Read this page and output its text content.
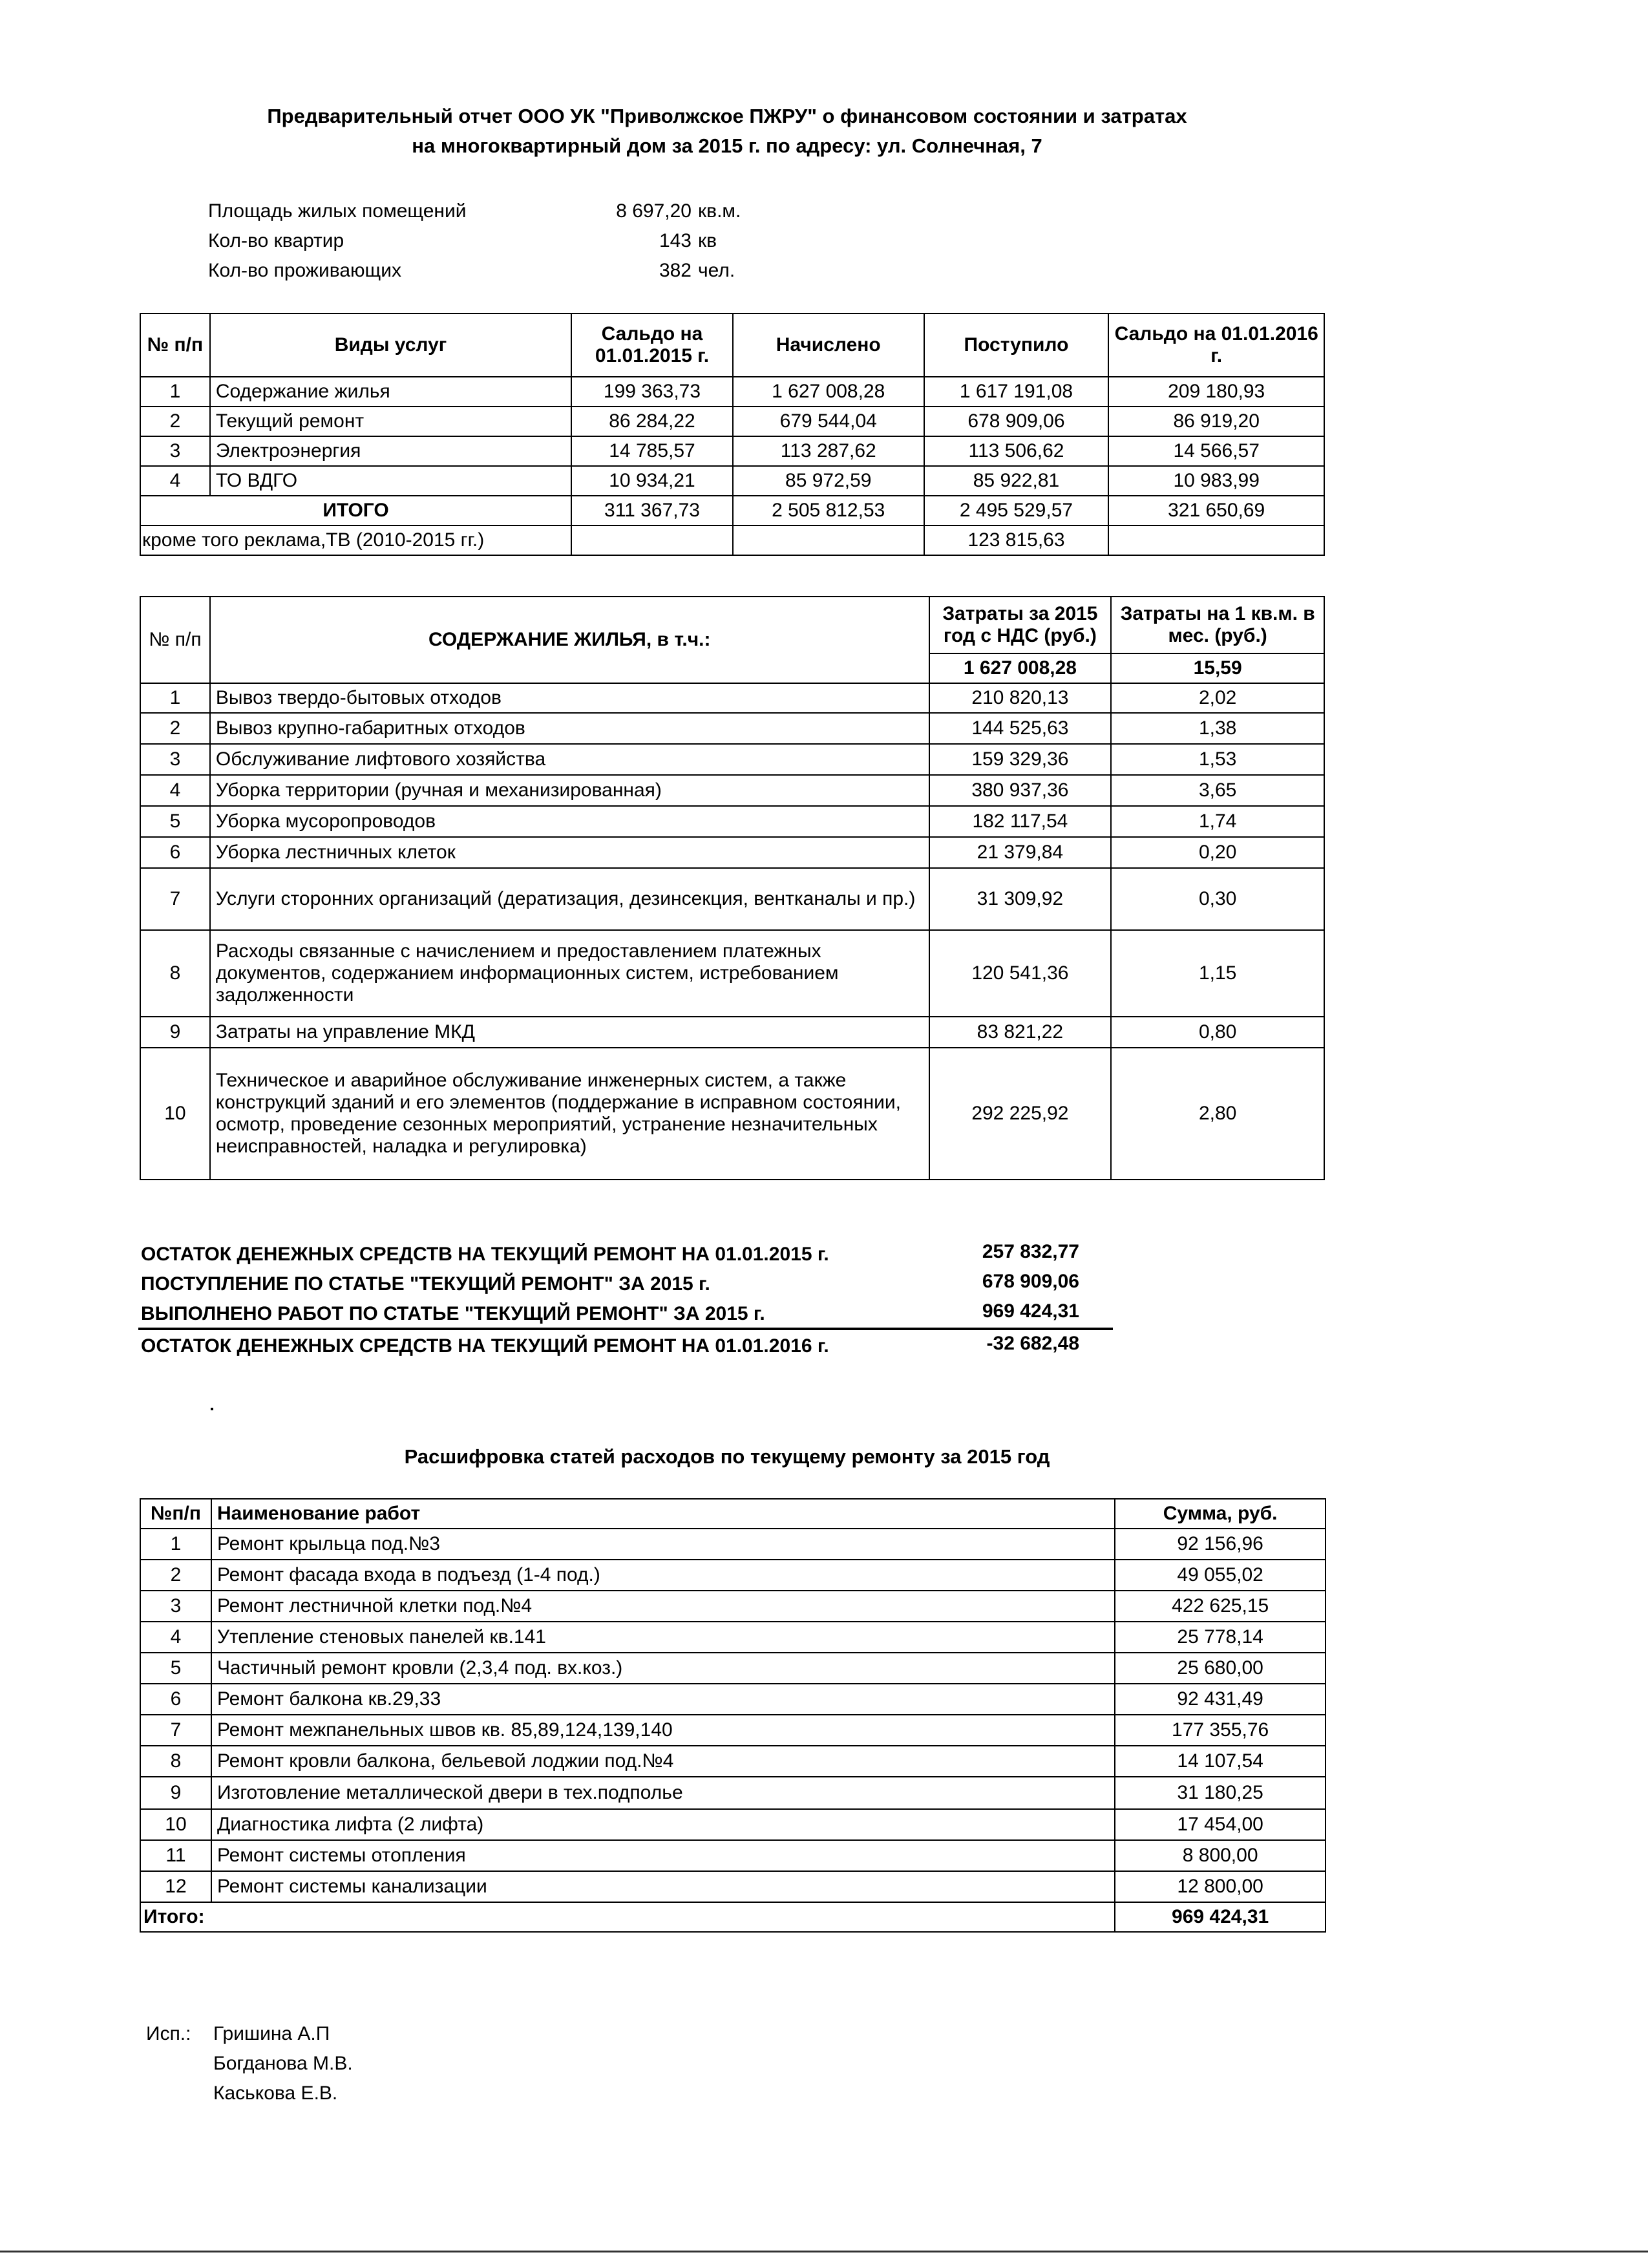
Предварительный отчет ООО УК "Приволжское ПЖРУ" о финансовом состоянии и затратах
на многоквартирный дом за 2015 г. по адресу: ул. Солнечная, 7
Площадь жилых помещений	8 697,20 кв.м.
Кол-во квартир	143 кв
Кол-во проживающих	382 чел.
№ п/п	Виды услуг	Сальдо на 01.01.2015 г.	Начислено	Поступило	Сальдо на 01.01.2016 г.
1	Содержание жилья	199 363,73	1 627 008,28	1 617 191,08	209 180,93
2	Текущий ремонт	86 284,22	679 544,04	678 909,06	86 919,20
3	Электроэнергия	14 785,57	113 287,62	113 506,62	14 566,57
4	ТО ВДГО	10 934,21	85 972,59	85 922,81	10 983,99
ИТОГО		311 367,73	2 505 812,53	2 495 529,57	321 650,69
кроме того реклама,ТВ (2010-2015 гг.)				123 815,63	
№ п/п	СОДЕРЖАНИЕ ЖИЛЬЯ, в т.ч.:	Затраты за 2015 год с НДС (руб.)	Затраты на 1 кв.м. в мес. (руб.)
		1 627 008,28	15,59
1	Вывоз твердо-бытовых отходов	210 820,13	2,02
2	Вывоз крупно-габаритных отходов	144 525,63	1,38
3	Обслуживание лифтового хозяйства	159 329,36	1,53
4	Уборка территории (ручная и механизированная)	380 937,36	3,65
5	Уборка мусоропроводов	182 117,54	1,74
6	Уборка лестничных клеток	21 379,84	0,20
7	Услуги сторонних организаций (дератизация, дезинсекция, вентканалы и пр.)	31 309,92	0,30
8	Расходы связанные с начислением и предоставлением платежных документов, содержанием информационных систем, истребованием задолженности	120 541,36	1,15
9	Затраты на управление МКД	83 821,22	0,80
10	Техническое и аварийное обслуживание инженерных систем, а также конструкций зданий и его элементов (поддержание в исправном состоянии, осмотр, проведение сезонных мероприятий, устранение незначительных неисправностей, наладка и регулировка)	292 225,92	2,80
ОСТАТОК ДЕНЕЖНЫХ СРЕДСТВ НА ТЕКУЩИЙ РЕМОНТ НА 01.01.2015 г.	257 832,77
ПОСТУПЛЕНИЕ ПО СТАТЬЕ "ТЕКУЩИЙ РЕМОНТ" ЗА 2015 г.	678 909,06
ВЫПОЛНЕНО РАБОТ ПО СТАТЬЕ "ТЕКУЩИЙ РЕМОНТ" ЗА 2015 г.	969 424,31
ОСТАТОК ДЕНЕЖНЫХ СРЕДСТВ НА ТЕКУЩИЙ РЕМОНТ НА 01.01.2016 г.	-32 682,48
Расшифровка статей расходов по текущему ремонту за 2015 год
№п/п	Наименование работ	Сумма, руб.
1	Ремонт крыльца под.№3	92 156,96
2	Ремонт фасада входа в подъезд (1-4 под.)	49 055,02
3	Ремонт лестничной клетки под.№4	422 625,15
4	Утепление стеновых панелей кв.141	25 778,14
5	Частичный ремонт кровли (2,3,4 под. вх.коз.)	25 680,00
6	Ремонт балкона кв.29,33	92 431,49
7	Ремонт межпанельных швов кв. 85,89,124,139,140	177 355,76
8	Ремонт кровли балкона, бельевой лоджии под.№4	14 107,54
9	Изготовление металлической двери в тех.подполье	31 180,25
10	Диагностика лифта (2 лифта)	17 454,00
11	Ремонт системы отопления	8 800,00
12	Ремонт системы канализации	12 800,00
Итого:		969 424,31
Исп.: Гришина А.П
Богданова М.В.
Каськова Е.В.
